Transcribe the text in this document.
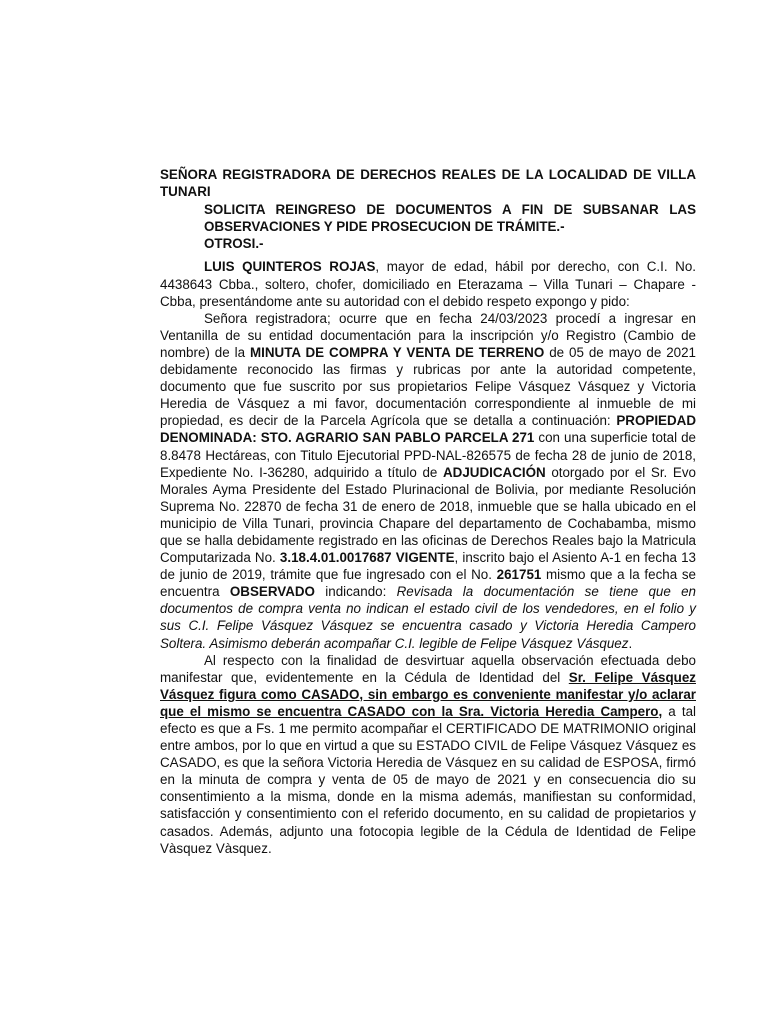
SEÑORA REGISTRADORA DE DERECHOS REALES DE LA LOCALIDAD DE VILLA TUNARI

SOLICITA REINGRESO DE DOCUMENTOS A FIN DE SUBSANAR LAS OBSERVACIONES Y PIDE PROSECUCION DE TRÁMITE.-

OTROSI.-

LUIS QUINTEROS ROJAS, mayor de edad, hábil por derecho, con C.I. No. 4438643 Cbba., soltero, chofer, domiciliado en Eterazama – Villa Tunari – Chapare - Cbba, presentándome ante su autoridad con el debido respeto expongo y pido:

Señora registradora; ocurre que en fecha 24/03/2023 procedí a ingresar en Ventanilla de su entidad documentación para la inscripción y/o Registro (Cambio de nombre) de la MINUTA DE COMPRA Y VENTA DE TERRENO de 05 de mayo de 2021 debidamente reconocido las firmas y rubricas por ante la autoridad competente, documento que fue suscrito por sus propietarios Felipe Vásquez Vásquez y Victoria Heredia de Vásquez a mi favor, documentación correspondiente al inmueble de mi propiedad, es decir de la Parcela Agrícola que se detalla a continuación: PROPIEDAD DENOMINADA: STO. AGRARIO SAN PABLO PARCELA 271 con una superficie total de 8.8478 Hectáreas, con Titulo Ejecutorial PPD-NAL-826575 de fecha 28 de junio de 2018, Expediente No. I-36280, adquirido a título de ADJUDICACIÓN otorgado por el Sr. Evo Morales Ayma Presidente del Estado Plurinacional de Bolivia, por mediante Resolución Suprema No. 22870 de fecha 31 de enero de 2018, inmueble que se halla ubicado en el municipio de Villa Tunari, provincia Chapare del departamento de Cochabamba, mismo que se halla debidamente registrado en las oficinas de Derechos Reales bajo la Matricula Computarizada No. 3.18.4.01.0017687 VIGENTE, inscrito bajo el Asiento A-1 en fecha 13 de junio de 2019, trámite que fue ingresado con el No. 261751 mismo que a la fecha se encuentra OBSERVADO indicando: Revisada la documentación se tiene que en documentos de compra venta no indican el estado civil de los vendedores, en el folio y sus C.I. Felipe Vásquez Vásquez se encuentra casado y Victoria Heredia Campero Soltera. Asimismo deberán acompañar C.I. legible de Felipe Vásquez Vásquez.

Al respecto con la finalidad de desvirtuar aquella observación efectuada debo manifestar que, evidentemente en la Cédula de Identidad del Sr. Felipe Vásquez Vásquez figura como CASADO, sin embargo es conveniente manifestar y/o aclarar que el mismo se encuentra CASADO con la Sra. Victoria Heredia Campero, a tal efecto es que a Fs. 1 me permito acompañar el CERTIFICADO DE MATRIMONIO original entre ambos, por lo que en virtud a que su ESTADO CIVIL de Felipe Vásquez Vásquez es CASADO, es que la señora Victoria Heredia de Vásquez en su calidad de ESPOSA, firmó en la minuta de compra y venta de 05 de mayo de 2021 y en consecuencia dio su consentimiento a la misma, donde en la misma además, manifiestan su conformidad, satisfacción y consentimiento con el referido documento, en su calidad de propietarios y casados. Además, adjunto una fotocopia legible de la Cédula de Identidad de Felipe Vàsquez Vàsquez.
